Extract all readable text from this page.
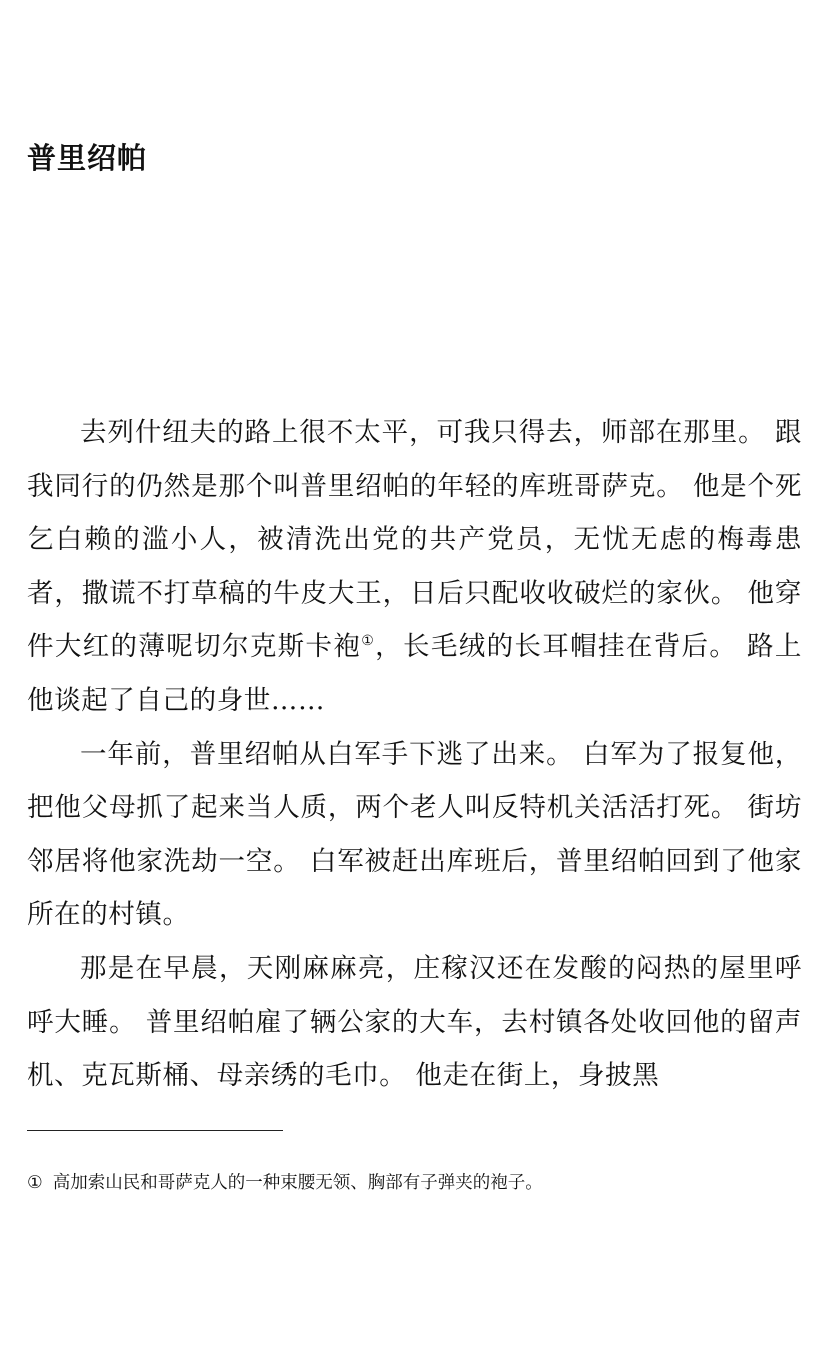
普里绍帕

去列什纽夫的路上很不太平，可我只得去，师部在那里。 跟我同行的仍然是那个叫普里绍帕的年轻的库班哥萨克。 他是个死乞白赖的滥小人，被清洗出党的共产党员，无忧无虑的梅毒患者，撒谎不打草稿的牛皮大王，日后只配收收破烂的家伙。 他穿件大红的薄呢切尔克斯卡袍①，长毛绒的长耳帽挂在背后。 路上他谈起了自己的身世……

一年前，普里绍帕从白军手下逃了出来。 白军为了报复他，把他父母抓了起来当人质，两个老人叫反特机关活活打死。 街坊邻居将他家洗劫一空。 白军被赶出库班后，普里绍帕回到了他家所在的村镇。

那是在早晨，天刚麻麻亮，庄稼汉还在发酸的闷热的屋里呼呼大睡。 普里绍帕雇了辆公家的大车，去村镇各处收回他的留声机、克瓦斯桶、母亲绣的毛巾。 他走在街上，身披黑

① 高加索山民和哥萨克人的一种束腰无领、胸部有子弹夹的袍子。
